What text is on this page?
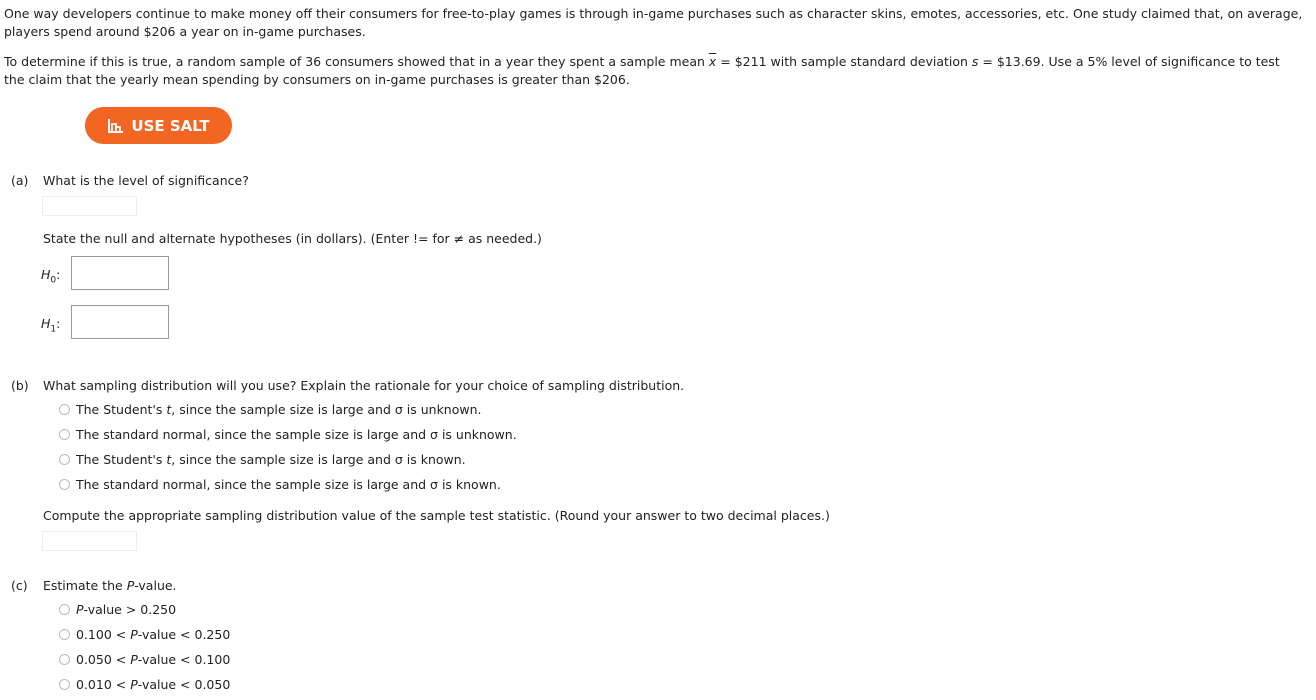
One way developers continue to make money off their consumers for free-to-play games is through in-game purchases such as character skins, emotes, accessories, etc. One study claimed that, on average, players spend around $206 a year on in-game purchases.
To determine if this is true, a random sample of 36 consumers showed that in a year they spent a sample mean $\overline{x}$ = $211 with sample standard deviation s = $13.69. Use a 5% level of significance to test the claim that the yearly mean spending by consumers on in-game purchases is greater than $206.
USE SALT
(a) What is the level of significance?
State the null and alternate hypotheses (in dollars). (Enter != for ≠ as needed.)
$H_0$:
$H_1$:
(b) What sampling distribution will you use? Explain the rationale for your choice of sampling distribution.
The Student's t, since the sample size is large and σ is unknown.
The standard normal, since the sample size is large and σ is unknown.
The Student's t, since the sample size is large and σ is known.
The standard normal, since the sample size is large and σ is known.
Compute the appropriate sampling distribution value of the sample test statistic. (Round your answer to two decimal places.)
(c) Estimate the P-value.
P-value > 0.250
0.100 < P-value < 0.250
0.050 < P-value < 0.100
0.010 < P-value < 0.050
